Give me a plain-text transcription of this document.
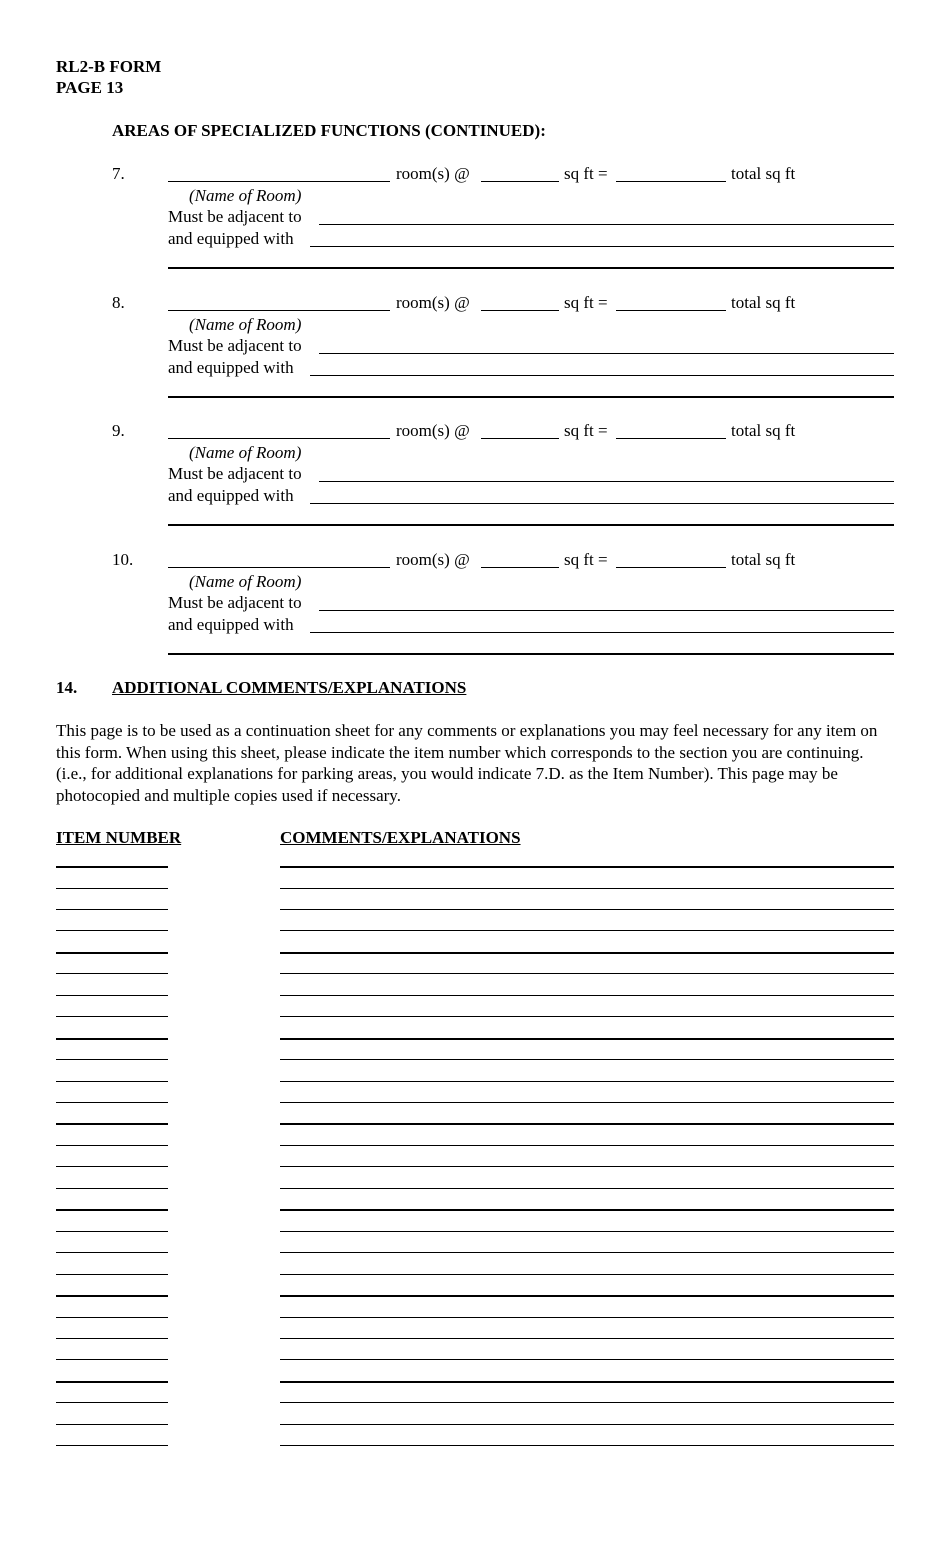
RL2-B FORM
PAGE 13
AREAS OF SPECIALIZED FUNCTIONS (CONTINUED):
7.	room(s) @	sq ft =	total sq ft
(Name of Room)
Must be adjacent to
and equipped with
8.	room(s) @	sq ft =	total sq ft
(Name of Room)
Must be adjacent to
and equipped with
9.	room(s) @	sq ft =	total sq ft
(Name of Room)
Must be adjacent to
and equipped with
10.	room(s) @	sq ft =	total sq ft
(Name of Room)
Must be adjacent to
and equipped with
14. ADDITIONAL COMMENTS/EXPLANATIONS
This page is to be used as a continuation sheet for any comments or explanations you may feel necessary for any item on this form. When using this sheet, please indicate the item number which corresponds to the section you are continuing. (i.e., for additional explanations for parking areas, you would indicate 7.D. as the Item Number). This page may be photocopied and multiple copies used if necessary.
ITEM NUMBER	COMMENTS/EXPLANATIONS
